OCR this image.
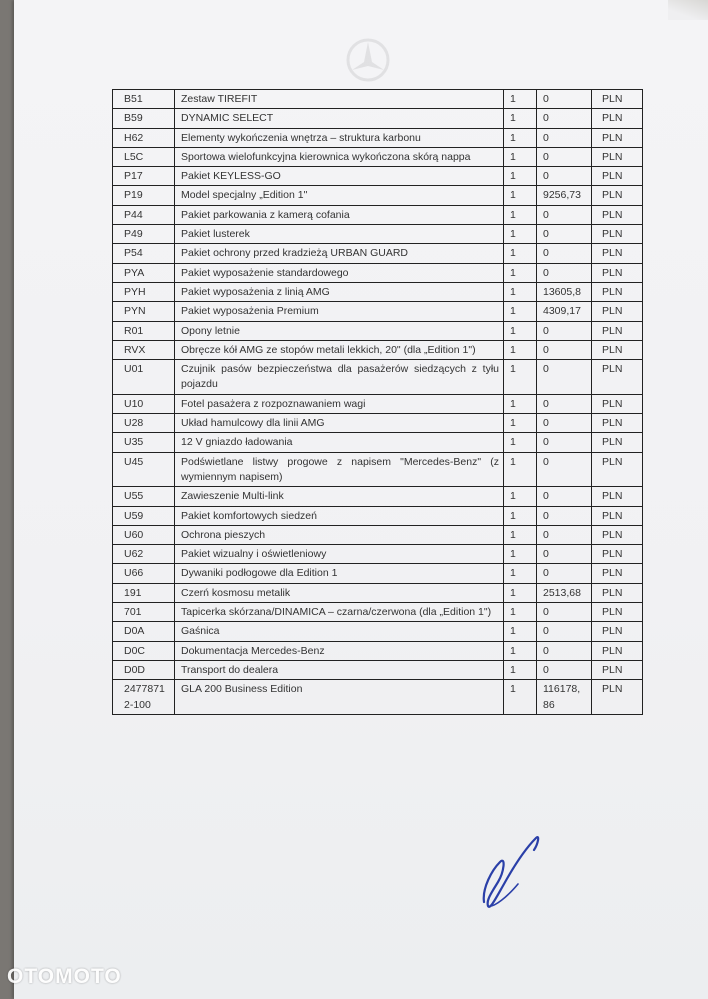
B51	Zestaw TIREFIT	1	0	PLN
B59	DYNAMIC SELECT	1	0	PLN
H62	Elementy wykończenia wnętrza – struktura karbonu	1	0	PLN
L5C	Sportowa wielofunkcyjna kierownica wykończona skórą nappa	1	0	PLN
P17	Pakiet KEYLESS-GO	1	0	PLN
P19	Model specjalny „Edition 1"	1	9256,73	PLN
P44	Pakiet parkowania z kamerą cofania	1	0	PLN
P49	Pakiet lusterek	1	0	PLN
P54	Pakiet ochrony przed kradzieżą URBAN GUARD	1	0	PLN
PYA	Pakiet wyposażenie standardowego	1	0	PLN
PYH	Pakiet wyposażenia z linią AMG	1	13605,8	PLN
PYN	Pakiet wyposażenia Premium	1	4309,17	PLN
R01	Opony letnie	1	0	PLN
RVX	Obręcze kół AMG ze stopów metali lekkich, 20" (dla „Edition 1")	1	0	PLN
U01	Czujnik pasów bezpieczeństwa dla pasażerów siedzących z tyłu pojazdu	1	0	PLN
U10	Fotel pasażera z rozpoznawaniem wagi	1	0	PLN
U28	Układ hamulcowy dla linii AMG	1	0	PLN
U35	12 V gniazdo ładowania	1	0	PLN
U45	Podświetlane listwy progowe z napisem "Mercedes-Benz" (z wymiennym napisem)	1	0	PLN
U55	Zawieszenie Multi-link	1	0	PLN
U59	Pakiet komfortowych siedzeń	1	0	PLN
U60	Ochrona pieszych	1	0	PLN
U62	Pakiet wizualny i oświetleniowy	1	0	PLN
U66	Dywaniki podłogowe dla Edition 1	1	0	PLN
191	Czerń kosmosu metalik	1	2513,68	PLN
701	Tapicerka skórzana/DINAMICA – czarna/czerwona (dla „Edition 1")	1	0	PLN
D0A	Gaśnica	1	0	PLN
D0C	Dokumentacja Mercedes-Benz	1	0	PLN
D0D	Transport do dealera	1	0	PLN
2477871 2-100	GLA 200 Business Edition	1	116178, 86	PLN
OTOMOTO
